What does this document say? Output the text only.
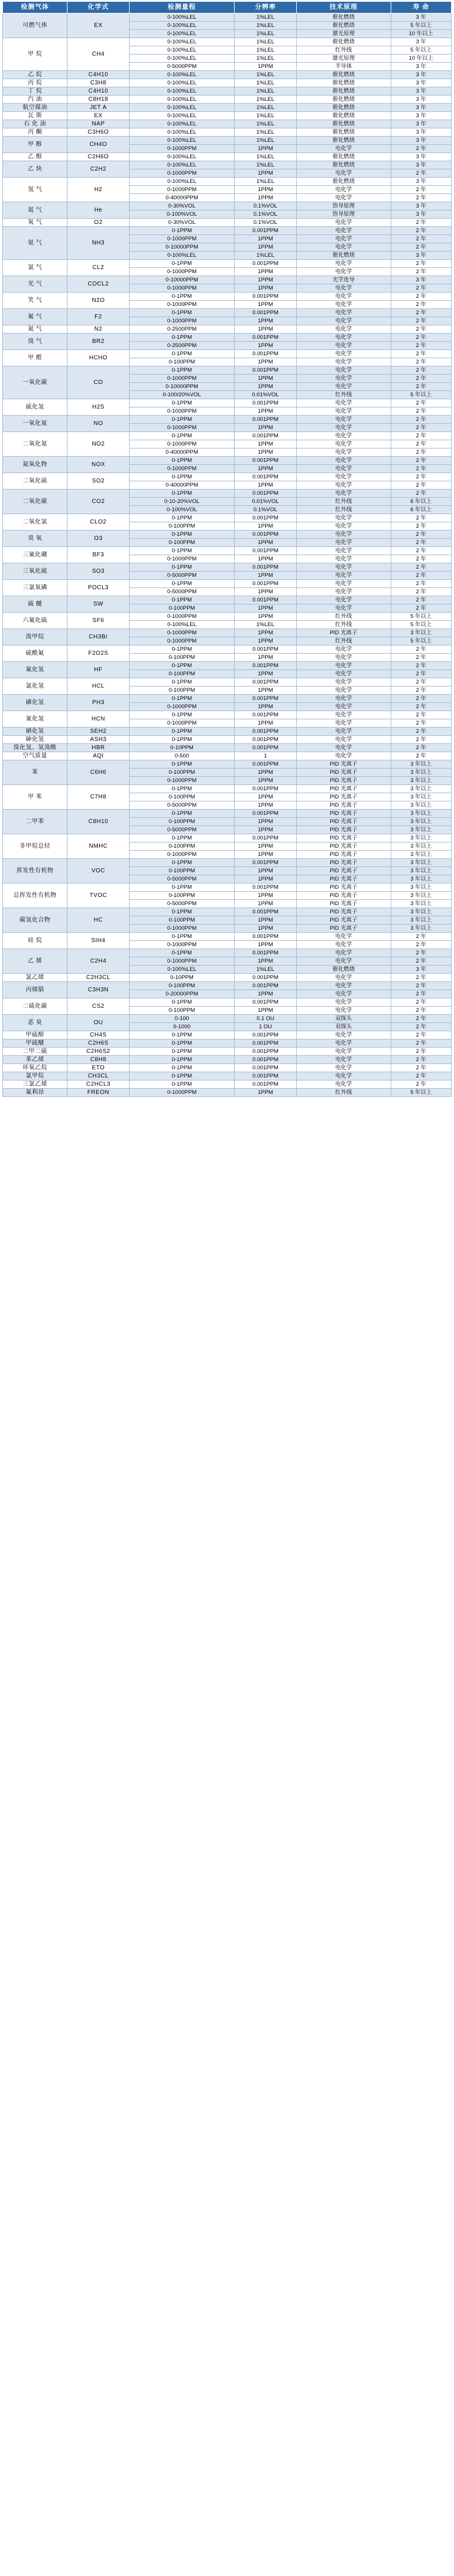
检测气体	化学式	检测量程	分辨率	技术原理	寿 命
可燃气体	EX	0-100%LEL	1%LEL	催化燃烧	3 年
		0-100%LEL	1%LEL	催化燃烧	5 年以上
		0-100%LEL	1%LEL	激光原理	10 年以上
甲 烷	CH4	0-100%LEL	1%LEL	催化燃烧	3 年
		0-100%LEL	1%LEL	红外线	5 年以上
		0-100%LEL	1%LEL	激光原理	10 年以上
		0-5000PPM	1PPM	半导体	3 年
乙 烷	C4H10	0-100%LEL	1%LEL	催化燃烧	3 年
丙 烷	C3H8	0-100%LEL	1%LEL	催化燃烧	3 年
丁 烷	C4H10	0-100%LEL	1%LEL	催化燃烧	3 年
汽 油	C8H18	0-100%LEL	1%LEL	催化燃烧	3 年
航空煤油	JET A	0-100%LEL	1%LEL	催化燃烧	3 年
瓦 斯	EX	0-100%LEL	1%LEL	催化燃烧	3 年
石 化 油	NAP	0-100%LEL	1%LEL	催化燃烧	3 年
丙 酮	C3H6O	0-100%LEL	1%LEL	催化燃烧	3 年
甲 醇	CH4O	0-100%LEL	1%LEL	催化燃烧	3 年
		0-1000PPM	1PPM	电化学	2 年
乙 醇	C2H6O	0-100%LEL	1%LEL	催化燃烧	3 年
乙 炔	C2H2	0-100%LEL	1%LEL	催化燃烧	3 年
		0-1000PPM	1PPM	电化学	2 年
氢 气	H2	0-100%LEL	1%LEL	催化燃烧	3 年
		0-1000PPM	1PPM	电化学	2 年
		0-40000PPM	1PPM	电化学	2 年
氦 气	He	0-30%VOL	0.1%VOL	热导原理	3 年
		0-100%VOL	0.1%VOL	热导原理	3 年
氧 气	O2	0-30%VOL	0.1%VOL	电化学	2 年
氨 气	NH3	0-1PPM	0.001PPM	电化学	2 年
		0-1000PPM	1PPM	电化学	2 年
		0-10000PPM	1PPM	电化学	2 年
		0-100%LEL	1%LEL	催化燃烧	3 年
氯 气	CL2	0-1PPM	0.001PPM	电化学	2 年
		0-1000PPM	1PPM	电化学	2 年
光 气	COCL2	0-10000PPM	1PPM	光学连导	3 年
		0-1000PPM	1PPM	电化学	2 年
笑 气	N2O	0-1PPM	0.001PPM	电化学	2 年
		0-1000PPM	1PPM	电化学	2 年
氟 气	F2	0-1PPM	0.001PPM	电化学	2 年
		0-1000PPM	1PPM	电化学	2 年
氮 气	N2	0-2500PPM	1PPM	电化学	2 年
溴 气	BR2	0-1PPM	0.001PPM	电化学	2 年
		0-2500PPM	1PPM	电化学	2 年
甲 醛	HCHO	0-1PPM	0.001PPM	电化学	2 年
		0-100PPM	1PPM	电化学	2 年
一氧化碳	CO	0-1PPM	0.001PPM	电化学	2 年
		0-1000PPM	1PPM	电化学	2 年
		0-10000PPM	1PPM	电化学	2 年
		0-100/20%VOL	0.01%VOL	红外线	5 年以上
硫化氢	H2S	0-1PPM	0.001PPM	电化学	2 年
		0-1000PPM	1PPM	电化学	2 年
一氧化氮	NO	0-1PPM	0.001PPM	电化学	2 年
		0-1000PPM	1PPM	电化学	2 年
二氧化氮	NO2	0-1PPM	0.001PPM	电化学	2 年
		0-1000PPM	1PPM	电化学	2 年
		0-40000PPM	1PPM	电化学	2 年
氮氧化物	NOX	0-1PPM	0.001PPM	电化学	2 年
		0-1000PPM	1PPM	电化学	2 年
二氧化硫	SO2	0-1PPM	0.001PPM	电化学	2 年
		0-40000PPM	1PPM	电化学	2 年
二氧化碳	CO2	0-1PPM	0.001PPM	电化学	2 年
		0-10-20%VOL	0.01%VOL	红外线	6 年以上
		0-100%VOL	0.1%VOL	红外线	6 年以上
二氧化氯	CLO2	0-1PPM	0.001PPM	电化学	2 年
		0-100PPM	1PPM	电化学	2 年
臭 氧	O3	0-1PPM	0.001PPM	电化学	2 年
		0-100PPM	1PPM	电化学	2 年
三氟化硼	BF3	0-1PPM	0.001PPM	电化学	2 年
		0-1000PPM	1PPM	电化学	2 年
三氧化硫	SO3	0-1PPM	0.001PPM	电化学	2 年
		0-5000PPM	1PPM	电化学	2 年
三氯氧磷	POCL3	0-1PPM	0.001PPM	电化学	2 年
		0-5000PPM	1PPM	电化学	2 年
硫 醚	SW	0-1PPM	0.001PPM	电化学	2 年
		0-100PPM	1PPM	电化学	2 年
六氟化硫	SF6	0-1000PPM	1PPM	红外线	5 年以上
		0-100%LEL	1%LEL	红外线	5 年以上
溴甲烷	CH3Br	0-1000PPM	1PPM	PID 光离子	3 年以上
		0-1000PPM	1PPM	红外线	5 年以上
硫酰氟	F2O2S	0-1PPM	0.001PPM	电化学	2 年
		0-100PPM	1PPM	电化学	2 年
氟化氢	HF	0-1PPM	0.001PPM	电化学	2 年
		0-100PPM	1PPM	电化学	2 年
氯化氢	HCL	0-1PPM	0.001PPM	电化学	2 年
		0-100PPM	1PPM	电化学	2 年
磷化氢	PH3	0-1PPM	0.001PPM	电化学	2 年
		0-1000PPM	1PPM	电化学	2 年
氰化氢	HCN	0-1PPM	0.001PPM	电化学	2 年
		0-1000PPM	1PPM	电化学	2 年
硒化氢	SEH2	0-1PPM	0.001PPM	电化学	2 年
砷化氢	ASH3	0-1PPM	0.001PPM	电化学	2 年
溴化氢、氢溴酸	HBR	0-10PPM	0.001PPM	电化学	2 年
空气质量	AQI	0-500	1	电化学	2 年
苯	C6H6	0-1PPM	0.001PPM	PID 光离子	3 年以上
		0-100PPM	1PPM	PID 光离子	3 年以上
		0-1000PPM	1PPM	PID 光离子	3 年以上
甲 苯	C7H8	0-1PPM	0.001PPM	PID 光离子	3 年以上
		0-100PPM	1PPM	PID 光离子	3 年以上
		0-5000PPM	1PPM	PID 光离子	3 年以上
二甲苯	C8H10	0-1PPM	0.001PPM	PID 光离子	3 年以上
		0-100PPM	1PPM	PID 光离子	3 年以上
		0-5000PPM	1PPM	PID 光离子	3 年以上
非甲烷总烃	NMHC	0-1PPM	0.001PPM	PID 光离子	3 年以上
		0-100PPM	1PPM	PID 光离子	3 年以上
		0-1000PPM	1PPM	PID 光离子	3 年以上
挥发性有机物	VOC	0-1PPM	0.001PPM	PID 光离子	3 年以上
		0-100PPM	1PPM	PID 光离子	3 年以上
		0-5000PPM	1PPM	PID 光离子	3 年以上
总挥发性有机物	TVOC	0-1PPM	0.001PPM	PID 光离子	3 年以上
		0-100PPM	1PPM	PID 光离子	3 年以上
		0-5000PPM	1PPM	PID 光离子	3 年以上
碳氢化合物	HC	0-1PPM	0.001PPM	PID 光离子	3 年以上
		0-100PPM	1PPM	PID 光离子	3 年以上
		0-1000PPM	1PPM	PID 光离子	3 年以上
硅 烷	SIH4	0-1PPM	0.001PPM	电化学	2 年
		0-1000PPM	1PPM	电化学	2 年
乙 烯	C2H4	0-1PPM	0.001PPM	电化学	2 年
		0-1000PPM	1PPM	电化学	2 年
		0-100%LEL	1%LEL	催化燃烧	3 年
氯乙烯	C2H3CL	0-10PPM	0.001PPM	电化学	2 年
丙烯腈	C3H3N	0-100PPM	0.001PPM	电化学	2 年
		0-20000PPM	1PPM	电化学	2 年
二硫化碳	CS2	0-1PPM	0.001PPM	电化学	2 年
		0-100PPM	1PPM	电化学	2 年
恶 臭	OU	0-100	0.1 OU	双探头	2 年
		0-1000	1 OU	双探头	2 年
甲硫醇	CH4S	0-1PPM	0.001PPM	电化学	2 年
甲硫醚	C2H6S	0-1PPM	0.001PPM	电化学	2 年
二甲二硫	C2H6S2	0-1PPM	0.001PPM	电化学	2 年
苯乙烯	C8H8	0-1PPM	0.001PPM	电化学	2 年
环氧乙烷	ETO	0-1PPM	0.001PPM	电化学	2 年
氯甲烷	CH3CL	0-1PPM	0.001PPM	电化学	2 年
三氯乙烯	C2HCL3	0-1PPM	0.001PPM	电化学	2 年
氟利昂	FREON	0-1000PPM	1PPM	红外线	5 年以上
